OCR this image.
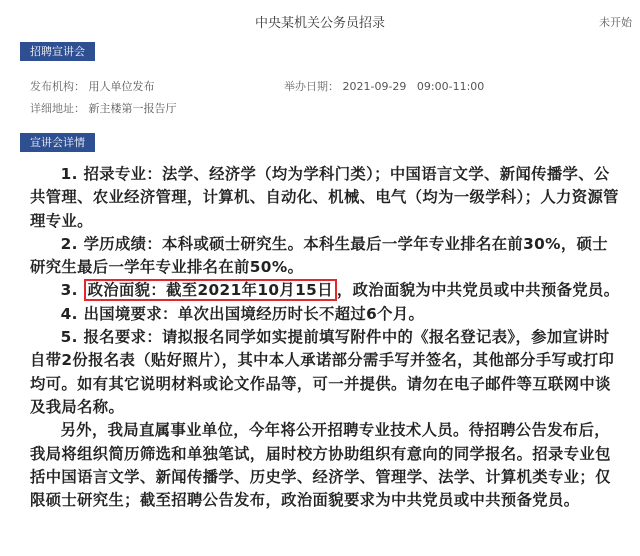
中央某机关公务员招录	未开始
招聘宣讲会
发布机构： 用人单位发布	举办日期： 2021-09-29   09:00-11:00
详细地址： 新主楼第一报告厅
宣讲会详情

1. 招录专业：法学、经济学（均为学科门类）；中国语言文学、新闻传播学、公共管理、农业经济管理，计算机、自动化、机械、电气（均为一级学科）；人力资源管理专业。

2. 学历成绩：本科或硕士研究生。本科生最后一学年专业排名在前30%，硕士研究生最后一学年专业排名在前50%。

3. 政治面貌：截至2021年10月15日 ，政治面貌为中共党员或中共预备党员。

4. 出国境要求：单次出国境经历时长不超过6个月。

5. 报名要求：请拟报名同学如实提前填写附件中的《报名登记表》，参加宣讲时自带2份报名表（贴好照片），其中本人承诺部分需手写并签名，其他部分手写或打印均可。如有其它说明材料或论文作品等，可一并提供。请勿在电子邮件等互联网中谈及我局名称。

另外，我局直属事业单位，今年将公开招聘专业技术人员。待招聘公告发布后，我局将组织简历筛选和单独笔试，届时校方协助组织有意向的同学报名。招录专业包括中国语言文学、新闻传播学、历史学、经济学、管理学、法学、计算机类专业；仅限硕士研究生；截至招聘公告发布，政治面貌要求为中共党员或中共预备党员。
